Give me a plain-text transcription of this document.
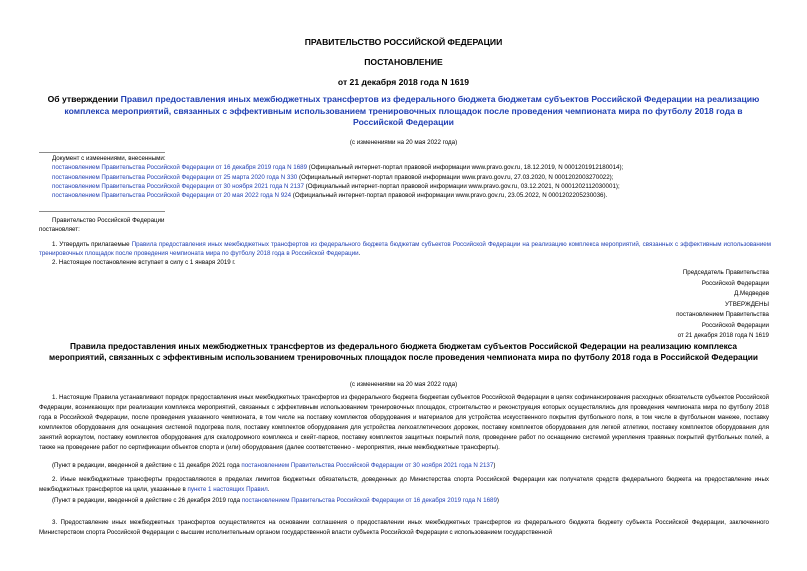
ПРАВИТЕЛЬСТВО РОССИЙСКОЙ ФЕДЕРАЦИИ
ПОСТАНОВЛЕНИЕ
от 21 декабря 2018 года N 1619
Об утверждении Правил предоставления иных межбюджетных трансфертов из федерального бюджета бюджетам субъектов Российской Федерации на реализацию комплекса мероприятий, связанных с эффективным использованием тренировочных площадок после проведения чемпионата мира по футболу 2018 года в Российской Федерации
(с изменениями на 20 мая 2022 года)
Документ с изменениями, внесенными:
постановлением Правительства Российской Федерации от 16 декабря 2019 года N 1689 (Официальный интернет-портал правовой информации www.pravo.gov.ru, 18.12.2019, N 0001201912180014);
постановлением Правительства Российской Федерации от 25 марта 2020 года N 330 (Официальный интернет-портал правовой информации www.pravo.gov.ru, 27.03.2020, N 0001202003270022);
постановлением Правительства Российской Федерации от 30 ноября 2021 года N 2137 (Официальный интернет-портал правовой информации www.pravo.gov.ru, 03.12.2021, N 0001202112030001);
постановлением Правительства Российской Федерации от 20 мая 2022 года N 924 (Официальный интернет-портал правовой информации www.pravo.gov.ru, 23.05.2022, N 0001202205230036).
Правительство Российской Федерации
постановляет:
1. Утвердить прилагаемые Правила предоставления иных межбюджетных трансфертов из федерального бюджета бюджетам субъектов Российской Федерации на реализацию комплекса мероприятий, связанных с эффективным использованием тренировочных площадок после проведения чемпионата мира по футболу 2018 года в Российской Федерации.
2. Настоящее постановление вступает в силу с 1 января 2019 г.
Председатель Правительства
Российской Федерации
Д.Медведев
УТВЕРЖДЕНЫ
постановлением Правительства
Российской Федерации
от 21 декабря 2018 года N 1619
Правила предоставления иных межбюджетных трансфертов из федерального бюджета бюджетам субъектов Российской Федерации на реализацию комплекса мероприятий, связанных с эффективным использованием тренировочных площадок после проведения чемпионата мира по футболу 2018 года в Российской Федерации
(с изменениями на 20 мая 2022 года)
1. Настоящие Правила устанавливают порядок предоставления иных межбюджетных трансфертов из федерального бюджета бюджетам субъектов Российской Федерации в целях софинансирования расходных обязательств субъектов Российской Федерации, возникающих при реализации комплекса мероприятий, связанных с эффективным использованием тренировочных площадок, строительство и реконструкция которых осуществлялись для проведения чемпионата мира по футболу 2018 года в Российской Федерации, после проведения указанного чемпионата, в том числе на поставку комплектов оборудования и материалов для устройства искусственного покрытия футбольного поля, в том числе в футбольном манеже, поставку комплектов оборудования для оснащения системой подогрева поля, поставку комплектов оборудования для устройства легкоатлетических дорожек, поставку комплектов оборудования для легкой атлетики, поставку комплектов оборудования для занятий воркаутом, поставку комплектов оборудования для скалодромного комплекса и скейт-парков, поставку комплектов защитных покрытий поля, проведение работ по оснащению системой укрепления травяных покрытий футбольных полей, а также на проведение работ по сертификации объектов спорта и (или) оборудования (далее соответственно - мероприятия, иные межбюджетные трансферты).
(Пункт в редакции, введенной в действие с 11 декабря 2021 года постановлением Правительства Российской Федерации от 30 ноября 2021 года N 2137)
2. Иные межбюджетные трансферты предоставляются в пределах лимитов бюджетных обязательств, доведенных до Министерства спорта Российской Федерации как получателя средств федерального бюджета на предоставление иных межбюджетных трансфертов на цели, указанные в пункте 1 настоящих Правил.
(Пункт в редакции, введенной в действие с 26 декабря 2019 года постановлением Правительства Российской Федерации от 16 декабря 2019 года N 1689)
3. Предоставление иных межбюджетных трансфертов осуществляется на основании соглашения о предоставлении иных межбюджетных трансфертов из федерального бюджета бюджету субъекта Российской Федерации, заключенного Министерством спорта Российской Федерации с высшим исполнительным органом государственной власти субъекта Российской Федерации с использованием государственной
